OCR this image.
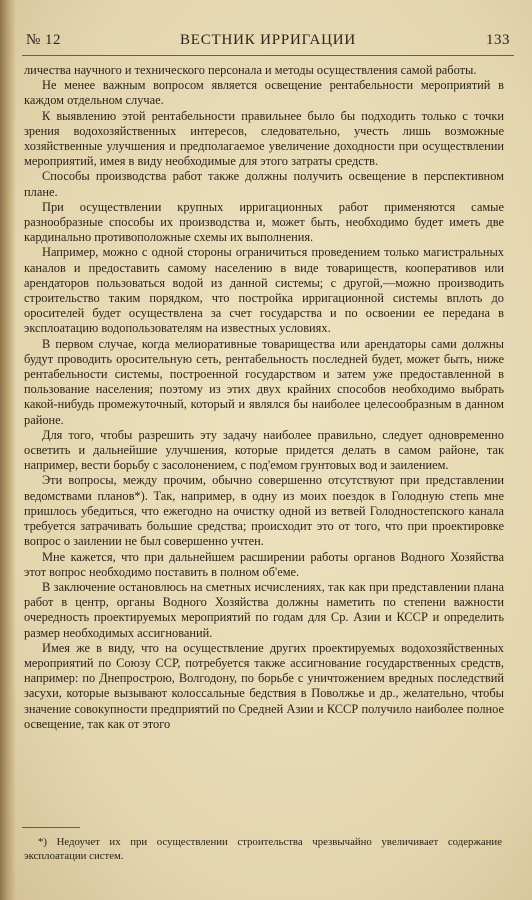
№ 12	ВЕСТНИК ИРРИГАЦИИ	133

личества научного и технического персонала и методы осуществления самой работы.

Не менее важным вопросом является освещение рентабельности мероприятий в каждом отдельном случае.

К выявлению этой рентабельности правильнее было бы подходить только с точки зрения водохозяйственных интересов, следовательно, учесть лишь возможные хозяйственные улучшения и предполагаемое увеличение доходности при осуществлении мероприятий, имея в виду необходимые для этого затраты средств.

Способы производства работ также должны получить освещение в перспективном плане.

При осуществлении крупных ирригационных работ применяются самые разнообразные способы их производства и, может быть, необходимо будет иметь две кардинально противоположные схемы их выполнения.

Например, можно с одной стороны ограничиться проведением только магистральных каналов и предоставить самому населению в виде товариществ, кооперативов или арендаторов пользоваться водой из данной системы; с другой,—можно производить строительство таким порядком, что постройка ирригационной системы вплоть до оросителей будет осуществлена за счет государства и по освоении ее передана в эксплоатацию водопользователям на известных условиях.

В первом случае, когда мелиоративные товарищества или арендаторы сами должны будут проводить оросительную сеть, рентабельность последней будет, может быть, ниже рентабельности системы, построенной государством и затем уже предоставленной в пользование населения; поэтому из этих двух крайних способов необходимо выбрать какой-нибудь промежуточный, который и являлся бы наиболее целесообразным в данном районе.

Для того, чтобы разрешить эту задачу наиболее правильно, следует одновременно осветить и дальнейшие улучшения, которые придется делать в самом районе, так например, вести борьбу с засолонением, с под'емом грунтовых вод и заилением.

Эти вопросы, между прочим, обычно совершенно отсутствуют при представлении ведомствами планов*). Так, например, в одну из моих поездок в Голодную степь мне пришлось убедиться, что ежегодно на очистку одной из ветвей Голодностепского канала требуется затрачивать большие средства; происходит это от того, что при проектировке вопрос о заилении не был совершенно учтен.

Мне кажется, что при дальнейшем расширении работы органов Водного Хозяйства этот вопрос необходимо поставить в полном об'еме.

В заключение остановлюсь на сметных исчислениях, так как при представлении плана работ в центр, органы Водного Хозяйства должны наметить по степени важности очередность проектируемых мероприятий по годам для Ср. Азии и КССР и определить размер необходимых ассигнований.

Имея же в виду, что на осуществление других проектируемых водохозяйственных мероприятий по Союзу ССР, потребуется также ассигнование государственных средств, например: по Днепрострою, Волгодону, по борьбе с уничтожением вредных последствий засухи, которые вызывают колоссальные бедствия в Поволжье и др., желательно, чтобы значение совокупности предприятий по Средней Азии и КССР получило наиболее полное освещение, так как от этого

*) Недоучет их при осуществлении строительства чрезвычайно увеличивает содержание эксплоатации систем.
